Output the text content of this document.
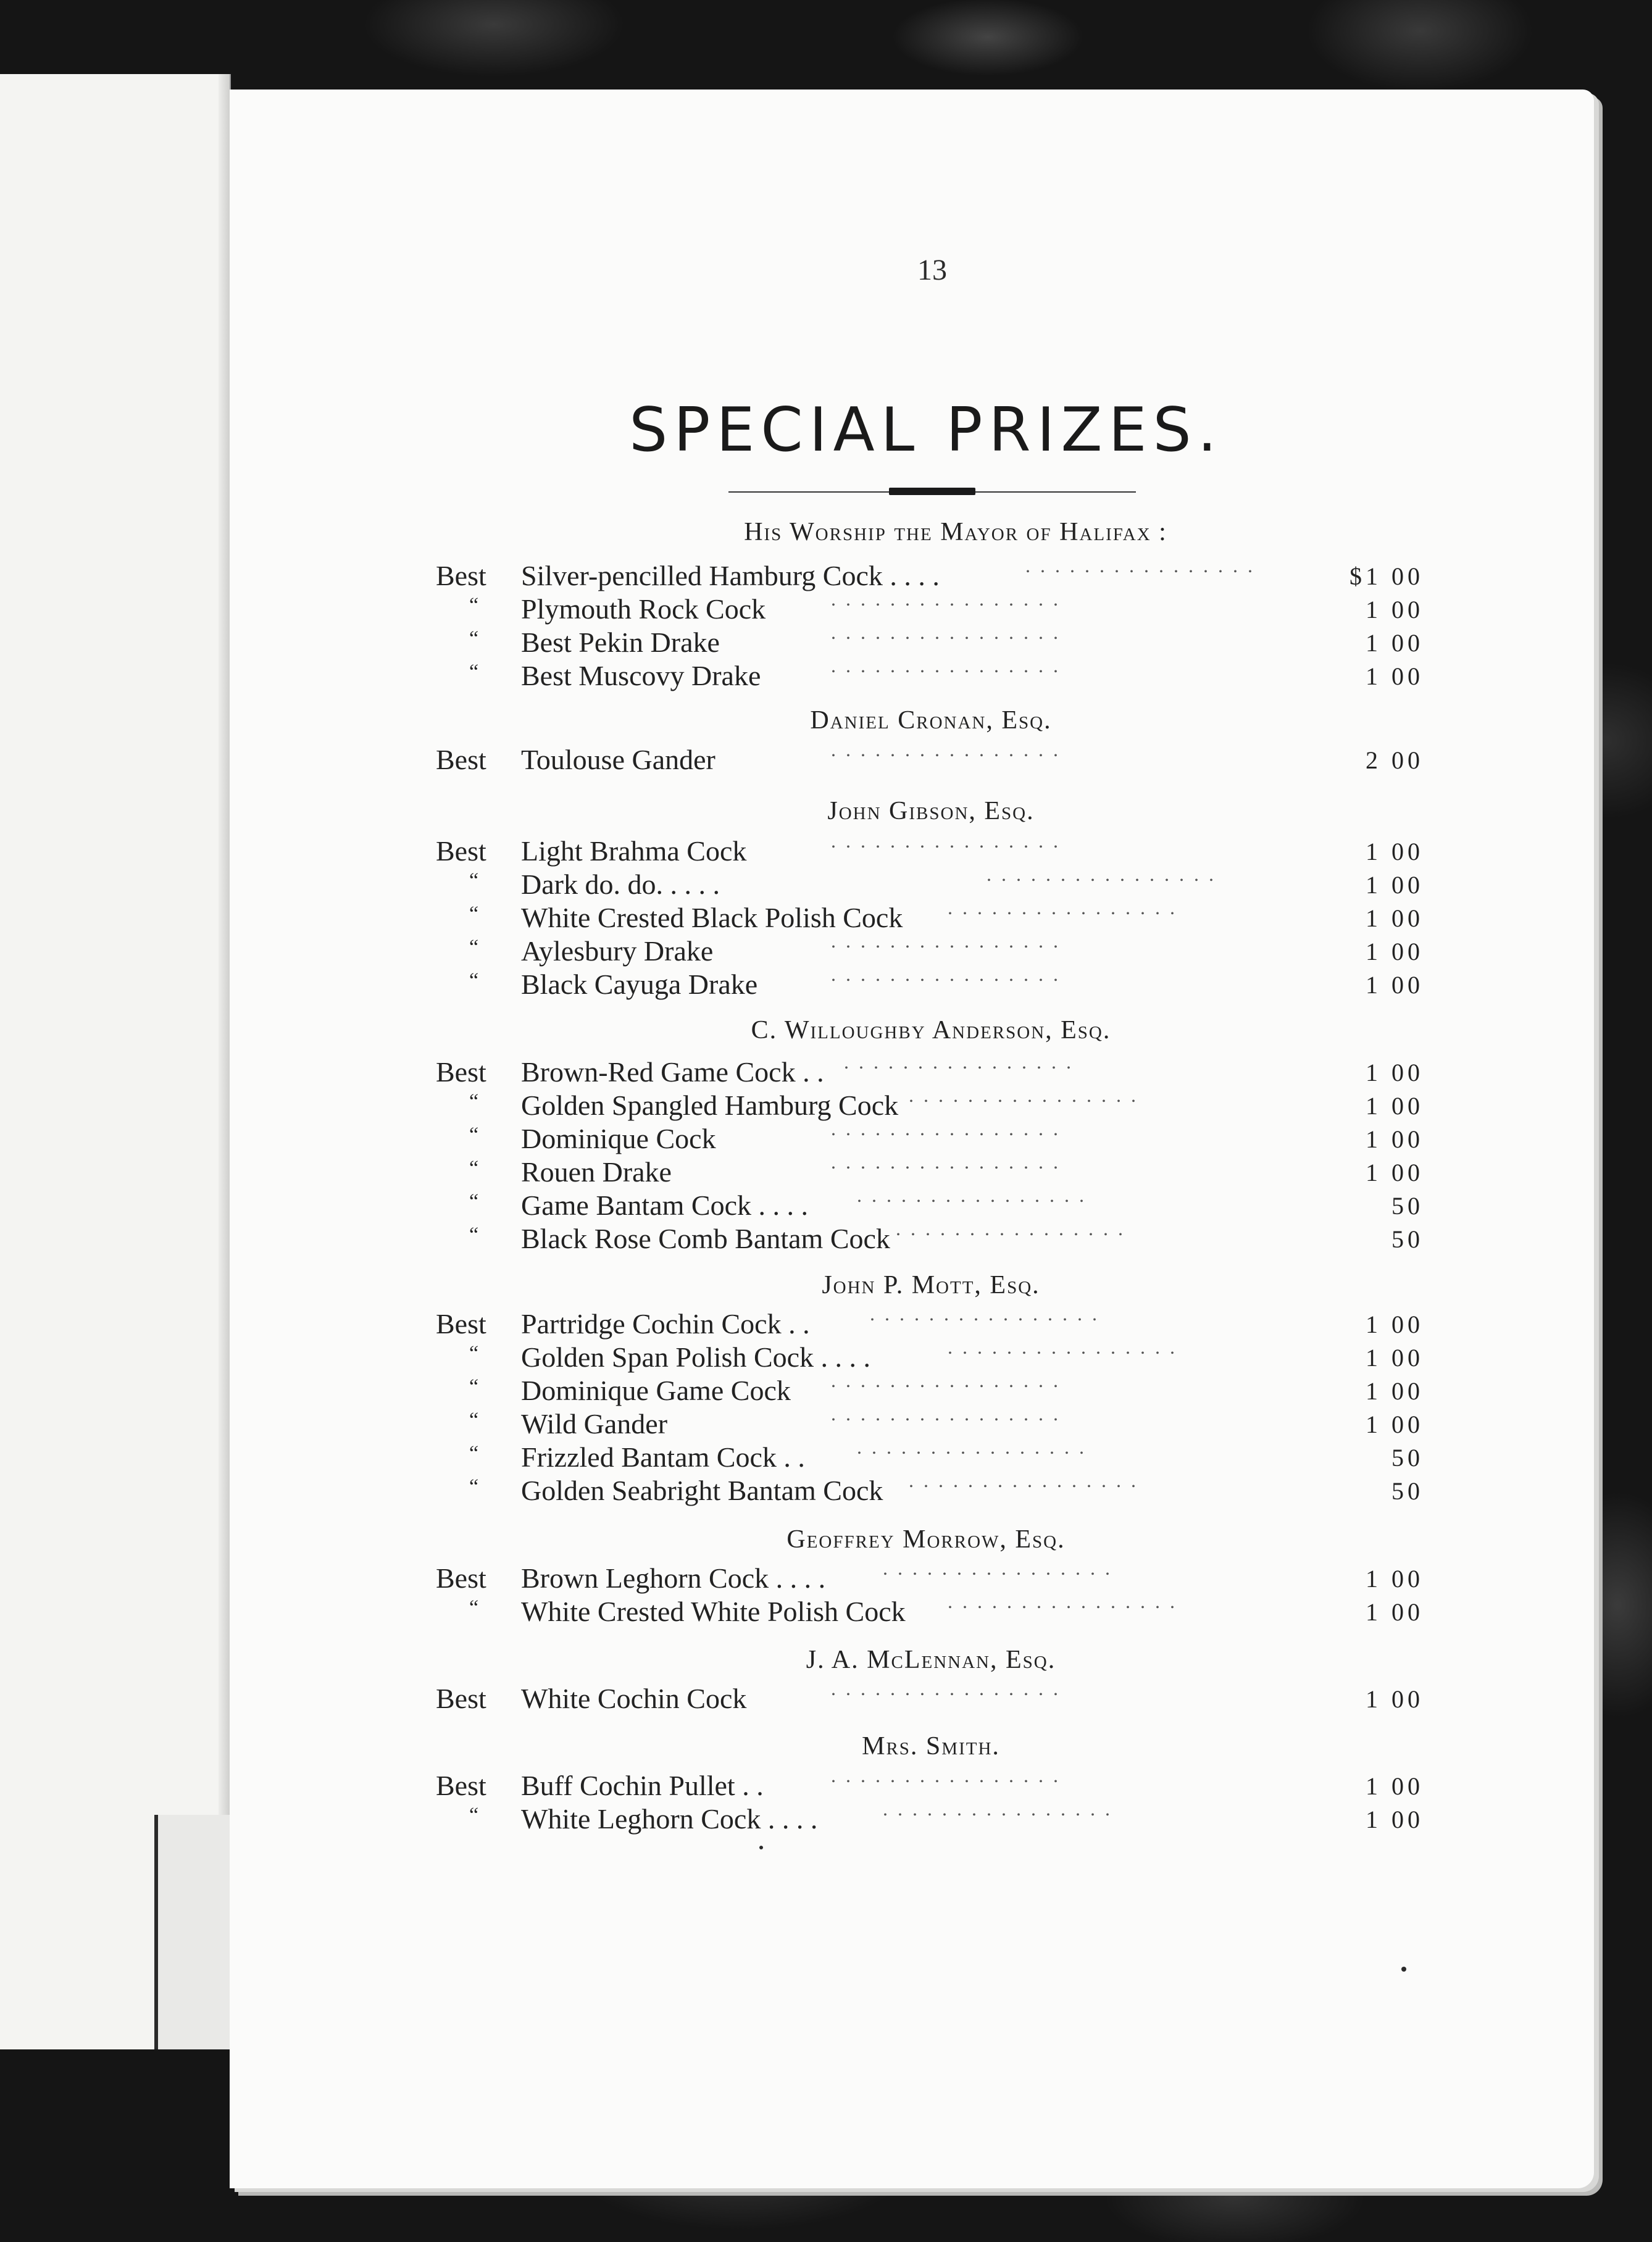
13
SPECIAL PRIZES.
His Worship the Mayor of Halifax :
Best	Silver-pencilled Hamburg Cock . . . .	. . . . . . . . . . . . . . . .	$1 00
“	Plymouth Rock Cock	. . . . . . . . . . . . . . . .	1 00
“	Best Pekin Drake	. . . . . . . . . . . . . . . .	1 00
“	Best Muscovy Drake	. . . . . . . . . . . . . . . .	1 00
Daniel Cronan, Esq.
Best	Toulouse Gander	. . . . . . . . . . . . . . . .	2 00
John Gibson, Esq.
Best	Light Brahma Cock	. . . . . . . . . . . . . . . .	1 00
“	Dark do. do. . . . .	. . . . . . . . . . . . . . . .	1 00
“	White Crested Black Polish Cock . . . . . . . . . . . . . . . .	1 00
“	Aylesbury Drake	. . . . . . . . . . . . . . . .	1 00
“	Black Cayuga Drake	. . . . . . . . . . . . . . . .	1 00
C. Willoughby Anderson, Esq.
Best	Brown-Red Game Cock . . . . . . . . . . . . . . . . . .	1 00
“	Golden Spangled Hamburg Cock . . . . . . . . . . . . . . . .	1 00
“	Dominique Cock	. . . . . . . . . . . . . . . .	1 00
“	Rouen Drake	. . . . . . . . . . . . . . . .	1 00
“	Game Bantam Cock . . . . . . . . . . . . . . . . . . . .	50
“	Black Rose Comb Bantam Cock . . . . . . . . . . . . . . . .	50
John P. Mott, Esq.
Best	Partridge Cochin Cock . .	. . . . . . . . . . . . . . . .	1 00
“	Golden Span Polish Cock . . . .	. . . . . . . . . . . . . . . .	1 00
“	Dominique Game Cock . . . . . . . . . . . . . . . .	1 00
“	Wild Gander	. . . . . . . . . . . . . . . .	1 00
“	Frizzled Bantam Cock . .	. . . . . . . . . . . . . . . .	50
“	Golden Seabright Bantam Cock . . . . . . . . . . . . . . . .	50
Geoffrey Morrow, Esq.
Best	Brown Leghorn Cock . . . .	. . . . . . . . . . . . . . . .	1 00
“	White Crested White Polish Cock . . . . . . . . . . . . . . . .	1 00
J. A. McLennan, Esq.
Best	White Cochin Cock	. . . . . . . . . . . . . . . .	1 00
Mrs. Smith.
Best	Buff Cochin Pullet . .	. . . . . . . . . . . . . . . .	1 00
“	White Leghorn Cock . . . .	. . . . . . . . . . . . . . . .	1 00
